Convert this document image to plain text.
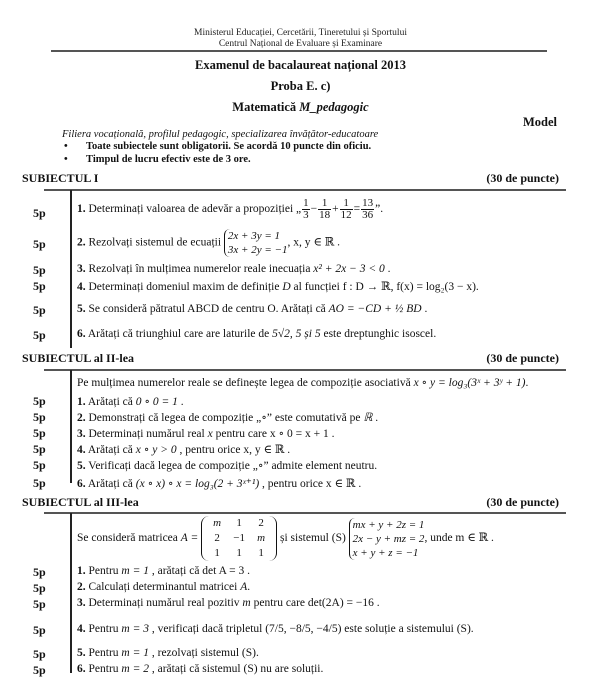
Ministerul Educației, Cercetării, Tineretului și Sportului
Centrul Național de Evaluare și Examinare
Examenul de bacalaureat național 2013
Proba E. c)
Matematică M_pedagogic
Model
Filiera vocațională, profilul pedagogic, specializarea învățător-educatoare
• Toate subiectele sunt obligatorii. Se acordă 10 puncte din oficiu.
• Timpul de lucru efectiv este de 3 ore.
SUBIECTUL I	(30 de puncte)
5p	1. Determinați valoarea de adevăr a propoziției „ $\frac{1}{3} - \frac{1}{18} + \frac{1}{12} = \frac{13}{36}$ ”.
5p	2. Rezolvați sistemul de ecuații 2x + 3y = 1
3x + 2y = −1, x, y ∈ ℝ .
5p	3. Rezolvați în mulțimea numerelor reale inecuația x² + 2x − 3 < 0 .
5p	4. Determinați domeniul maxim de definiție D al funcției f : D → ℝ, f(x) = log₂(3 − x).
5p	5. Se consideră pătratul ABCD de centru O. Arătați că AO = −CD + ½ BD .
5p	6. Arătați că triunghiul care are laturile de 5√2, 5 și 5 este dreptunghic isoscel.
SUBIECTUL al II-lea	(30 de puncte)
Pe mulțimea numerelor reale se definește legea de compoziție asociativă x ∘ y = log₃(3ˣ + 3ʸ + 1).
5p	1. Arătați că 0 ∘ 0 = 1 .
5p	2. Demonstrați că legea de compoziție „∘” este comutativă pe ℝ .
5p	3. Determinați numărul real x pentru care x ∘ 0 = x + 1 .
5p	4. Arătați că x ∘ y > 0 , pentru orice x, y ∈ ℝ .
5p	5. Verificați dacă legea de compoziție „∘” admite element neutru.
5p	6. Arătați că (x ∘ x) ∘ x = log₃(2 + 3ˣ⁺¹) , pentru orice x ∈ ℝ .
SUBIECTUL al III-lea	(30 de puncte)
Se consideră matricea A =
m	1	2
2	−1	m
1	1	1
și sistemul (S) mx + y + 2z = 1
2x − y + mz = 2
x + y + z = −1, unde m ∈ ℝ .
5p	1. Pentru m = 1 , arătați că det A = 3 .
5p	2. Calculați determinantul matricei A.
5p	3. Determinați numărul real pozitiv m pentru care det(2A) = −16 .
5p	4. Pentru m = 3 , verificați dacă tripletul (7/5, −8/5, −4/5) este soluție a sistemului (S).
5p	5. Pentru m = 1 , rezolvați sistemul (S).
5p	6. Pentru m = 2 , arătați că sistemul (S) nu are soluții.
